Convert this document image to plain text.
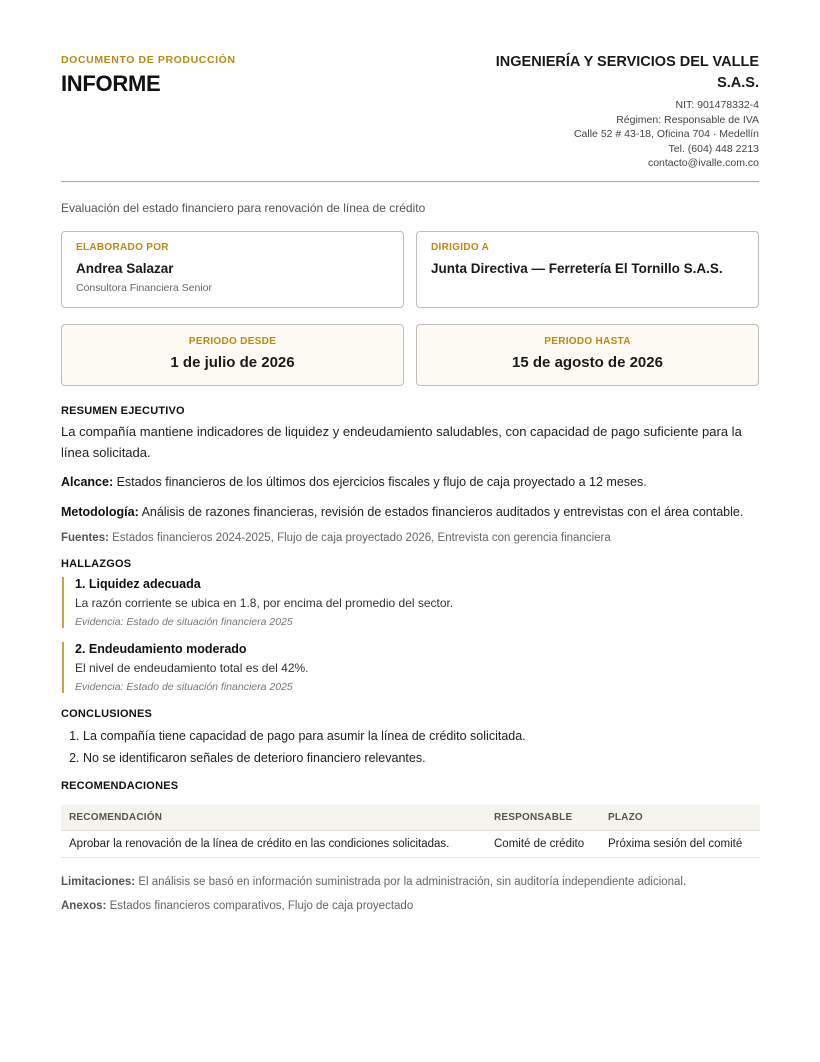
DOCUMENTO DE PRODUCCIÓN
INFORME
INGENIERÍA Y SERVICIOS DEL VALLE S.A.S.
NIT: 901478332-4
Régimen: Responsable de IVA
Calle 52 # 43-18, Oficina 704 · Medellín
Tel. (604) 448 2213
contacto@ivalle.com.co
Evaluación del estado financiero para renovación de línea de crédito
ELABORADO POR
Andrea Salazar
Consultora Financiera Senior
DIRIGIDO A
Junta Directiva — Ferretería El Tornillo S.A.S.
PERIODO DESDE
1 de julio de 2026
PERIODO HASTA
15 de agosto de 2026
RESUMEN EJECUTIVO
La compañía mantiene indicadores de liquidez y endeudamiento saludables, con capacidad de pago suficiente para la línea solicitada.
Alcance: Estados financieros de los últimos dos ejercicios fiscales y flujo de caja proyectado a 12 meses.
Metodología: Análisis de razones financieras, revisión de estados financieros auditados y entrevistas con el área contable.
Fuentes: Estados financieros 2024-2025, Flujo de caja proyectado 2026, Entrevista con gerencia financiera
HALLAZGOS
1. Liquidez adecuada
La razón corriente se ubica en 1.8, por encima del promedio del sector.
Evidencia: Estado de situación financiera 2025
2. Endeudamiento moderado
El nivel de endeudamiento total es del 42%.
Evidencia: Estado de situación financiera 2025
CONCLUSIONES
1. La compañía tiene capacidad de pago para asumir la línea de crédito solicitada.
2. No se identificaron señales de deterioro financiero relevantes.
RECOMENDACIONES
RECOMENDACIÓN	RESPONSABLE	PLAZO
Aprobar la renovación de la línea de crédito en las condiciones solicitadas.	Comité de crédito	Próxima sesión del comité
Limitaciones: El análisis se basó en información suministrada por la administración, sin auditoría independiente adicional.
Anexos: Estados financieros comparativos, Flujo de caja proyectado
